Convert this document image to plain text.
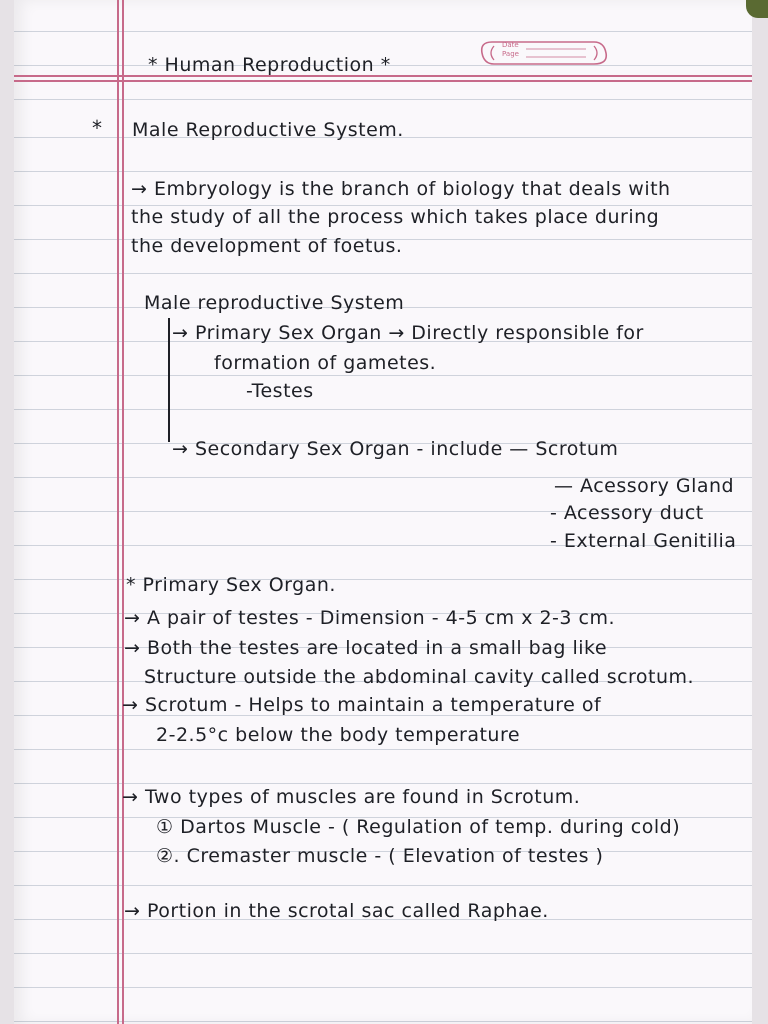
Date
Page

* Human Reproduction *

* Male Reproductive System.

→ Embryology is the branch of biology that deals with

the study of all the process which takes place during

the development of foetus.

Male reproductive System

→ Primary Sex Organ → Directly responsible for

formation of gametes.

-Testes

→ Secondary Sex Organ - include — Scrotum

— Acessory Gland

- Acessory duct

- External Genitilia

* Primary Sex Organ.

→ A pair of testes - Dimension - 4-5 cm x 2-3 cm.

→ Both the testes are located in a small bag like

Structure outside the abdominal cavity called scrotum.

→ Scrotum - Helps to maintain a temperature of

2-2.5°c below the body temperature

→ Two types of muscles are found in Scrotum.

① Dartos Muscle - ( Regulation of temp. during cold)

②. Cremaster muscle - ( Elevation of testes )

→ Portion in the scrotal sac called Raphae.
